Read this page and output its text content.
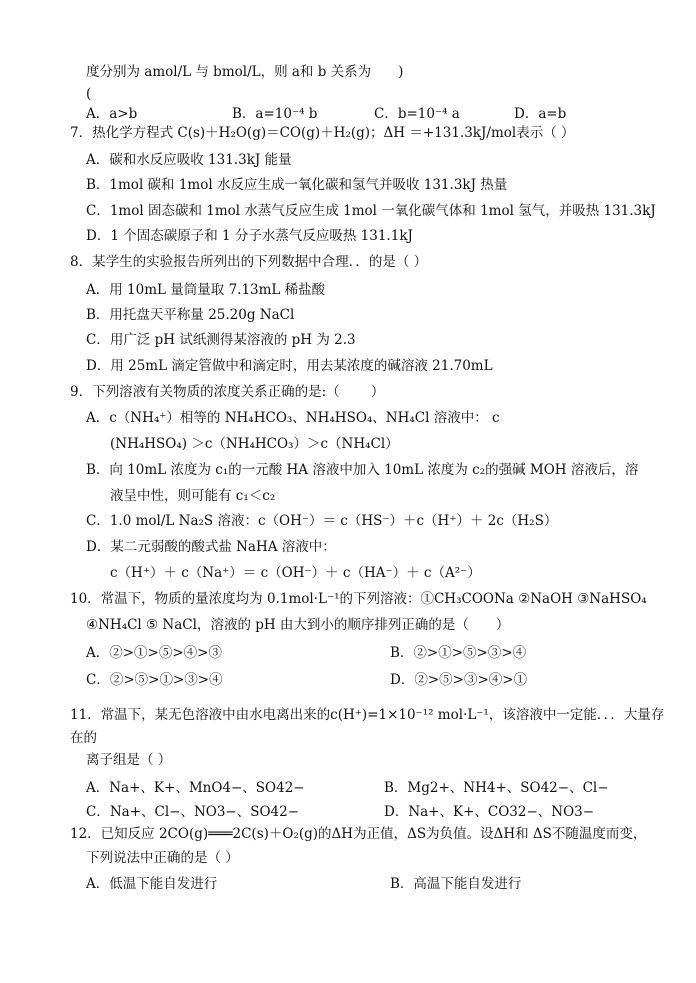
度分别为 amol/L 与 bmol/L，则 a和 b 关系为　　)
(
A．a>b	B．a=10⁻⁴ b	C．b=10⁻⁴ a	D．a=b
7．热化学方程式 C(s)＋H₂O(g)＝CO(g)＋H₂(g)；ΔH ＝+131.3kJ/mol表示（ ）
A．碳和水反应吸收 131.3kJ 能量
B．1mol 碳和 1mol 水反应生成一氧化碳和氢气并吸收 131.3kJ 热量
C．1mol 固态碳和 1mol 水蒸气反应生成 1mol 一氧化碳气体和 1mol 氢气，并吸热 131.3kJ
D．1 个固态碳原子和 1 分子水蒸气反应吸热 131.1kJ
8．某学生的实验报告所列出的下列数据中合理．．的是（ ）
A．用 10mL 量筒量取 7.13mL 稀盐酸
B．用托盘天平称量 25.20g NaCl
C．用广泛 pH 试纸测得某溶液的 pH 为 2.3
D．用 25mL 滴定管做中和滴定时，用去某浓度的碱溶液 21.70mL
9．下列溶液有关物质的浓度关系正确的是:（　　 ）
A．c（NH₄⁺）相等的 NH₄HCO₃、NH₄HSO₄、NH₄Cl 溶液中： c
(NH₄HSO₄) ＞c（NH₄HCO₃）＞c（NH₄Cl）
B．向 10mL 浓度为 c₁的一元酸 HA 溶液中加入 10mL 浓度为 c₂的强碱 MOH 溶液后，溶
液呈中性，则可能有 c₁＜c₂
C．1.0 mol/L Na₂S 溶液：c（OH⁻）＝ c（HS⁻）＋c（H⁺）＋ 2c（H₂S）
D．某二元弱酸的酸式盐 NaHA 溶液中：
c（H⁺）＋ c（Na⁺）＝ c（OH⁻）＋ c（HA⁻）＋ c（A²⁻）
10．常温下，物质的量浓度均为 0.1mol·L⁻¹的下列溶液：①CH₃COONa ②NaOH ③NaHSO₄
④NH₄Cl ⑤ NaCl，溶液的 pH 由大到小的顺序排列正确的是（　　）
A．②>①>⑤>④>③	B．②>①>⑤>③>④
C．②>⑤>①>③>④	D．②>⑤>③>④>①
11．常温下，某无色溶液中由水电离出来的c(H⁺)=1×10⁻¹² mol·L⁻¹，该溶液中一定能．．．大量存
在的
离子组是（ ）
A．Na+、K+、MnO4−、SO42−	B．Mg2+、NH4+、SO42−、Cl−
C．Na+、Cl−、NO3−、SO42−	D．Na+、K+、CO32−、NO3−
12．已知反应 2CO(g)═══2C(s)＋O₂(g)的ΔH为正值，ΔS为负值。设ΔH和 ΔS不随温度而变，
下列说法中正确的是（ ）
A．低温下能自发进行	B．高温下能自发进行
